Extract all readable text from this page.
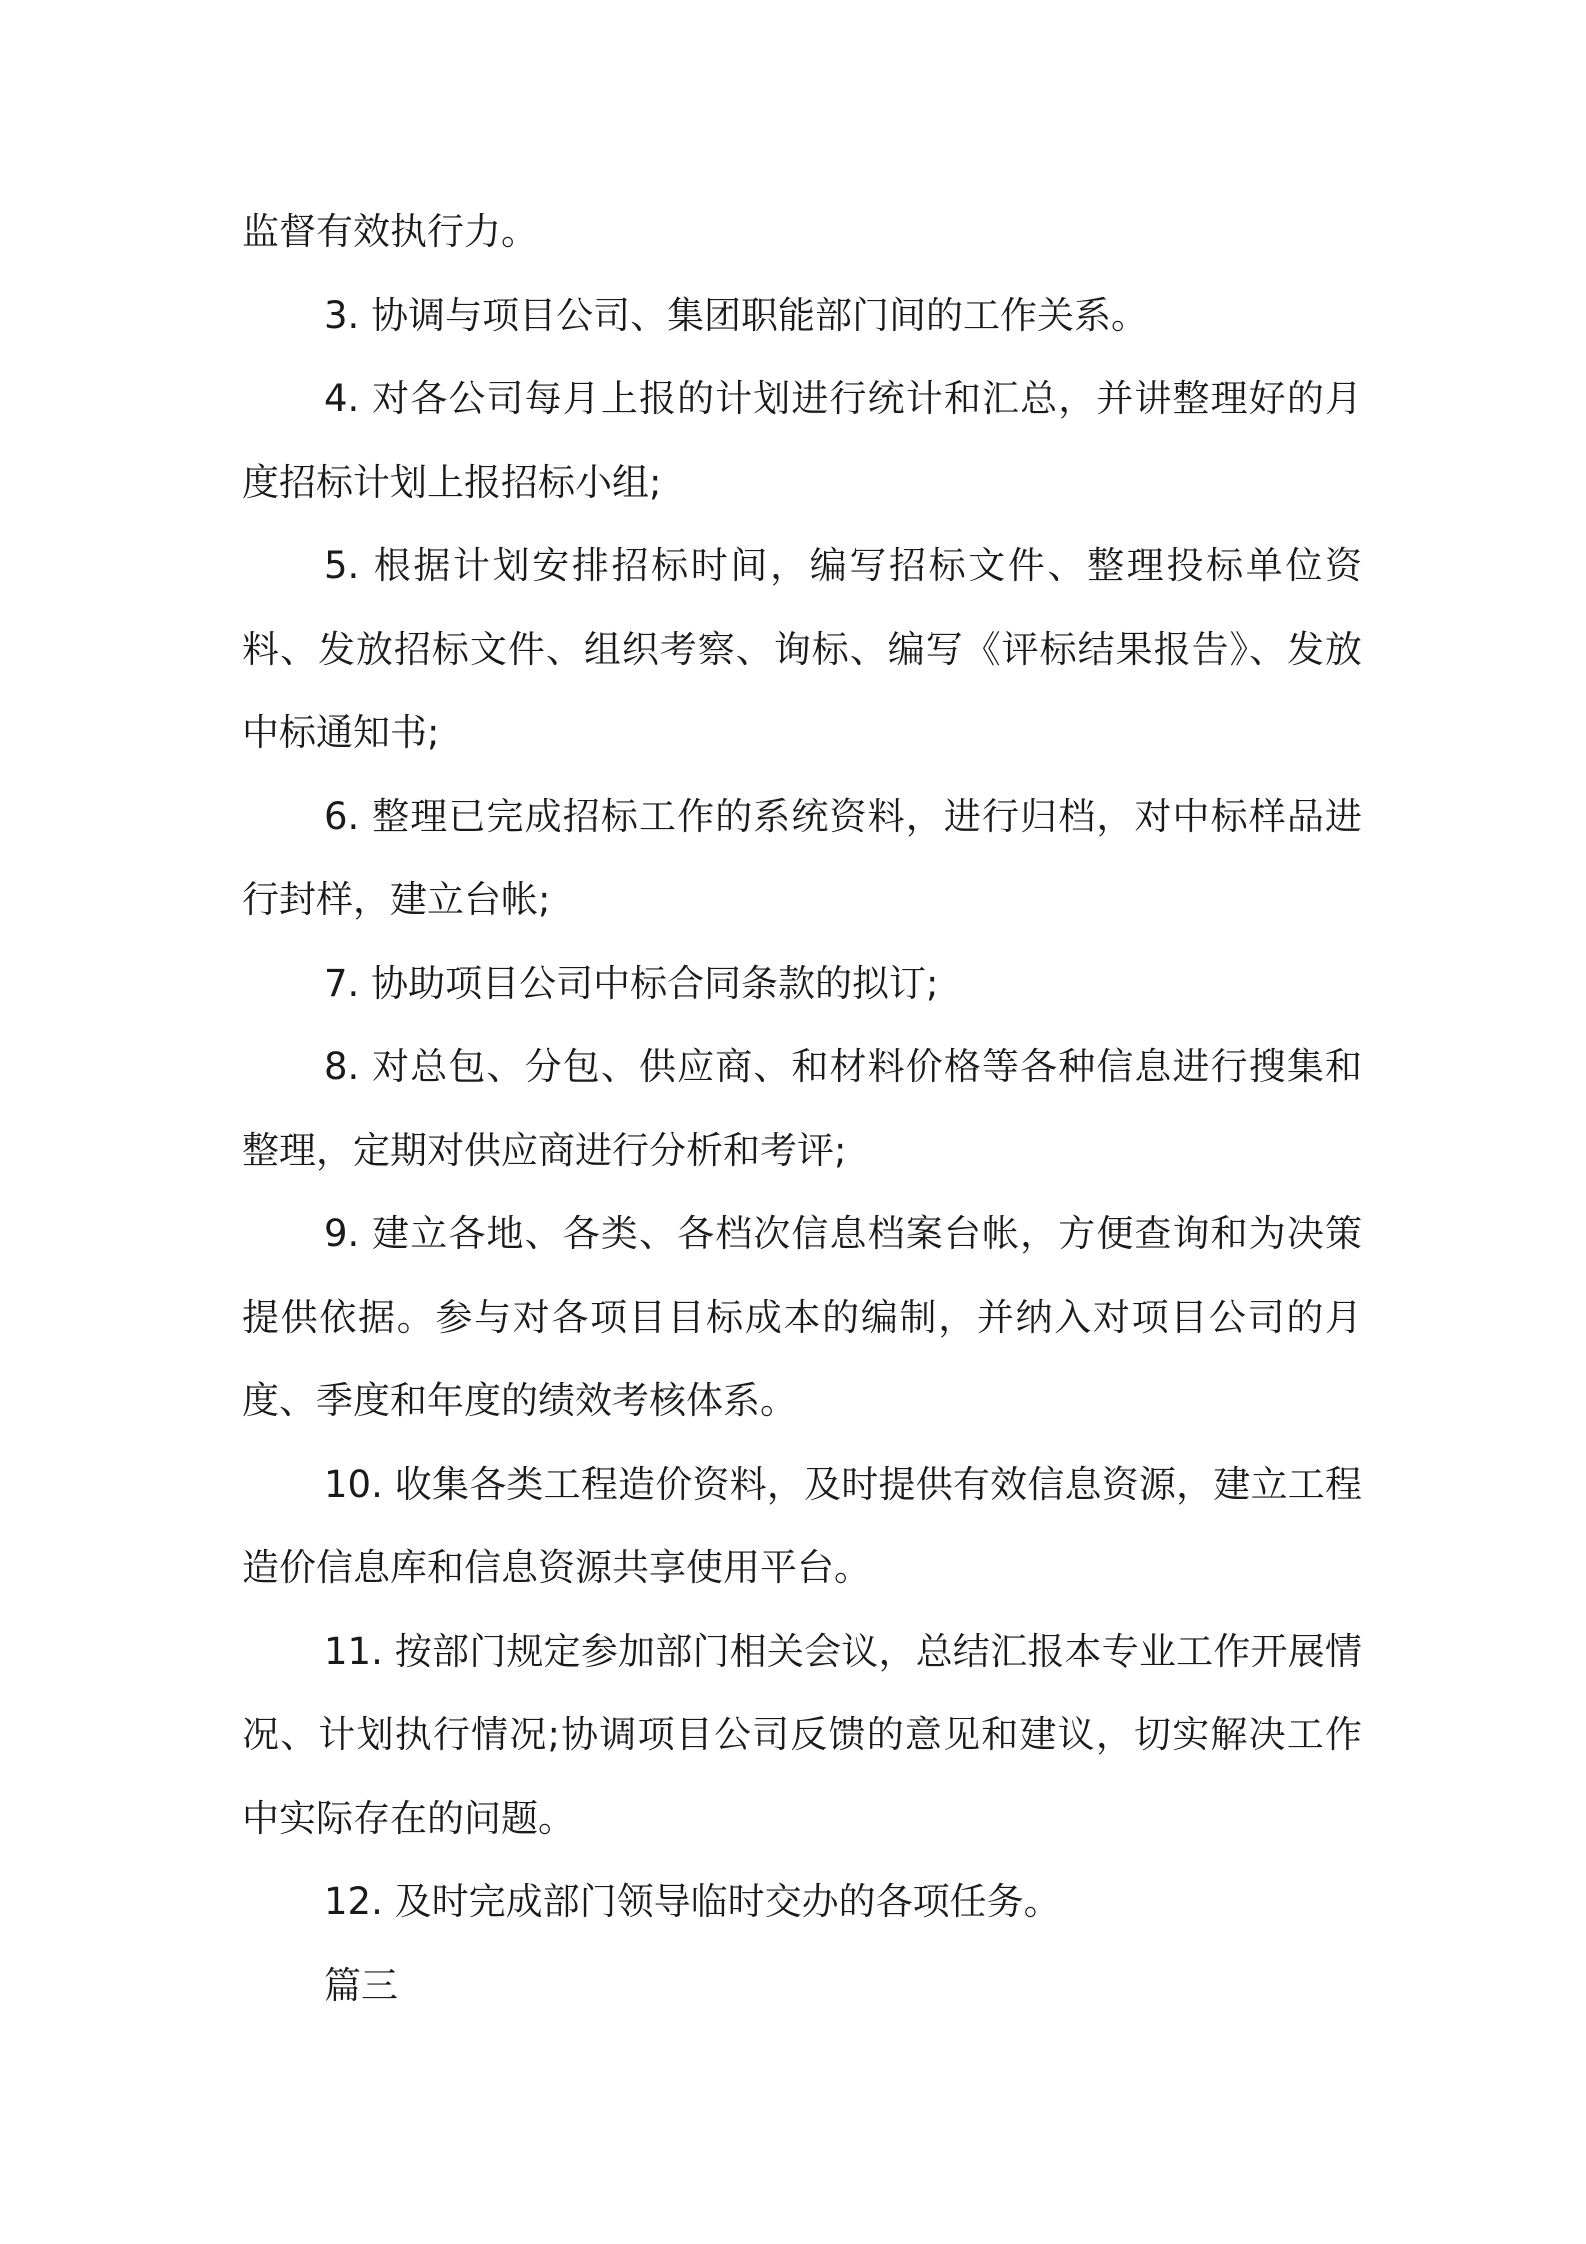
监督有效执行力。

3. 协调与项目公司、集团职能部门间的工作关系。

4. 对各公司每月上报的计划进行统计和汇总，并讲整理好的月度招标计划上报招标小组;

5. 根据计划安排招标时间，编写招标文件、整理投标单位资料、发放招标文件、组织考察、询标、编写《评标结果报告》、发放中标通知书;

6. 整理已完成招标工作的系统资料，进行归档，对中标样品进行封样，建立台帐;

7. 协助项目公司中标合同条款的拟订;

8. 对总包、分包、供应商、和材料价格等各种信息进行搜集和整理，定期对供应商进行分析和考评;

9. 建立各地、各类、各档次信息档案台帐，方便查询和为决策提供依据。参与对各项目目标成本的编制，并纳入对项目公司的月度、季度和年度的绩效考核体系。

10. 收集各类工程造价资料，及时提供有效信息资源，建立工程造价信息库和信息资源共享使用平台。

11. 按部门规定参加部门相关会议，总结汇报本专业工作开展情况、计划执行情况;协调项目公司反馈的意见和建议，切实解决工作中实际存在的问题。

12. 及时完成部门领导临时交办的各项任务。

篇三
